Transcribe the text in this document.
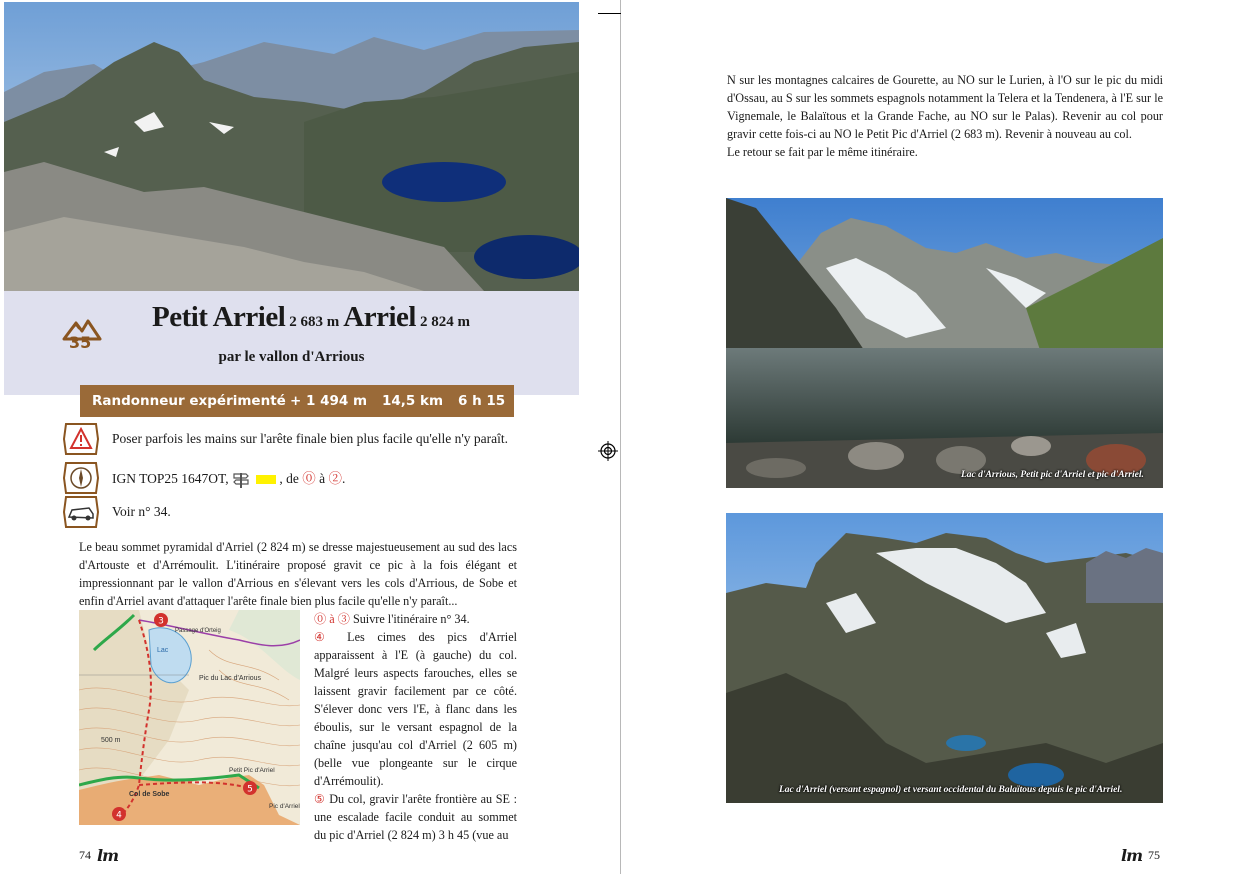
35
Petit Arriel 2 683 m Arriel 2 824 m
par le vallon d'Arrious
Randonneur expérimenté + 1 494 m 14,5 km 6 h 15
Poser parfois les mains sur l'arête finale bien plus facile qu'elle n'y paraît.
IGN TOP25 1647OT,	, de ⓪ à ②.
Voir n° 34.

Le beau sommet pyramidal d'Arriel (2 824 m) se dresse majestueusement au sud des lacs d'Artouste et d'Arrémoulit. L'itinéraire proposé gravit ce pic à la fois élégant et impressionnant par le vallon d'Arrious en s'élevant vers les cols d'Arrious, de Sobe et enfin d'Arriel avant d'attaquer l'arête finale bien plus facile qu'elle n'y paraît...

3
4
5
Passage d'Orteig
Lac
Pic du Lac d'Arrious
500 m
Col de Sobe
Petit Pic d'Arriel
Pic d'Arriel
⓪ à ③ Suivre l'itinéraire n° 34.
④ Les cimes des pics d'Arriel apparaissent à l'E (à gauche) du col. Malgré leurs aspects farouches, elles se laissent gravir facilement par ce côté. S'élever donc vers l'E, à flanc dans les éboulis, sur le versant espagnol de la chaîne jusqu'au col d'Arriel (2 605 m) (belle vue plongeante sur le cirque d'Arrémoulit).
⑤ Du col, gravir l'arête frontière au SE : une escalade facile conduit au sommet du pic d'Arriel (2 824 m) 3 h 45 (vue au
74 lm

N sur les montagnes calcaires de Gourette, au NO sur le Lurien, à l'O sur le pic du midi d'Ossau, au S sur les sommets espagnols notamment la Telera et la Tendenera, à l'E sur le Vignemale, le Balaïtous et la Grande Fache, au NO sur le Palas). Revenir au col pour gravir cette fois-ci au NO le Petit Pic d'Arriel (2 683 m). Revenir à nouveau au col.

Le retour se fait par le même itinéraire.

Lac d'Arrious, Petit pic d'Arriel et pic d'Arriel.
Lac d'Arriel (versant espagnol) et versant occidental du Balaïtous depuis le pic d'Arriel.
lm 75
